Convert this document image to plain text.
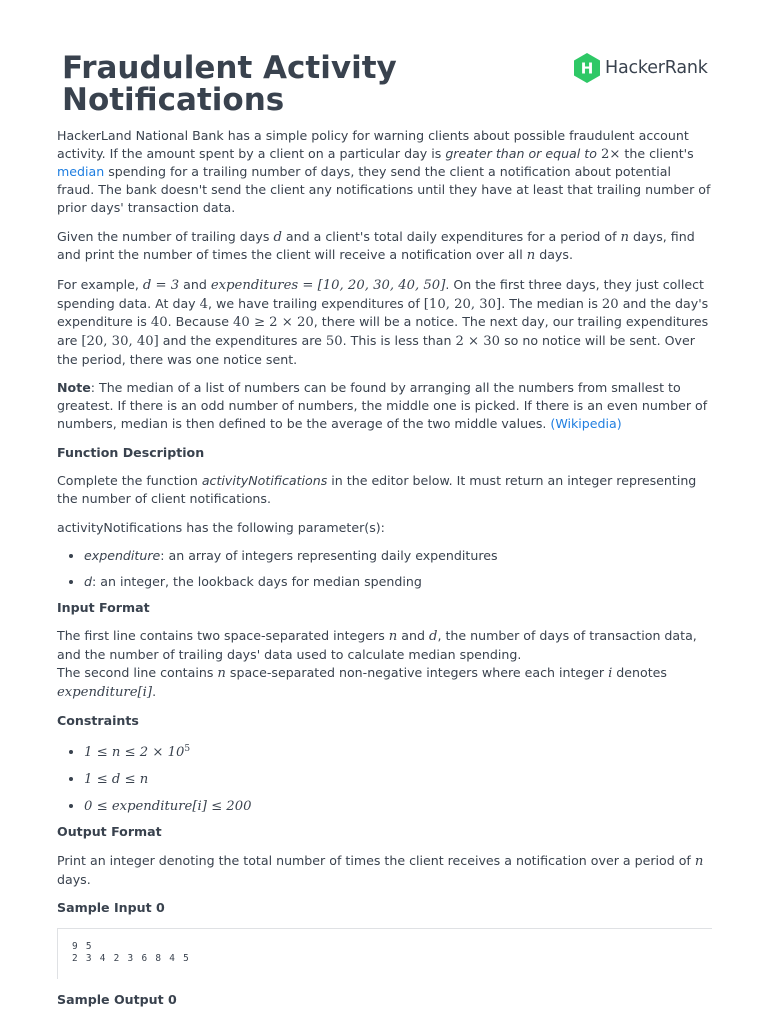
Fraudulent Activity Notifications
H HackerRank

HackerLand National Bank has a simple policy for warning clients about possible fraudulent account activity. If the amount spent by a client on a particular day is greater than or equal to 2× the client's median spending for a trailing number of days, they send the client a notification about potential fraud. The bank doesn't send the client any notifications until they have at least that trailing number of prior days' transaction data.

Given the number of trailing days d and a client's total daily expenditures for a period of n days, find and print the number of times the client will receive a notification over all n days.

For example, d = 3 and expenditures = [10, 20, 30, 40, 50]. On the first three days, they just collect spending data. At day 4, we have trailing expenditures of [10, 20, 30]. The median is 20 and the day's expenditure is 40. Because 40 ≥ 2 × 20, there will be a notice. The next day, our trailing expenditures are [20, 30, 40] and the expenditures are 50. This is less than 2 × 30 so no notice will be sent. Over the period, there was one notice sent.

Note: The median of a list of numbers can be found by arranging all the numbers from smallest to greatest. If there is an odd number of numbers, the middle one is picked. If there is an even number of numbers, median is then defined to be the average of the two middle values. (Wikipedia)

Function Description

Complete the function activityNotifications in the editor below. It must return an integer representing the number of client notifications.

activityNotifications has the following parameter(s):

• expenditure: an array of integers representing daily expenditures
• d: an integer, the lookback days for median spending
Input Format

The first line contains two space-separated integers n and d, the number of days of transaction data, and the number of trailing days' data used to calculate median spending.
The second line contains n space-separated non-negative integers where each integer i denotes
expenditure[i].

Constraints
• $1 \le n \le 2 \times 10^5$
• 1 ≤ d ≤ n
• 0 ≤ expenditure[i] ≤ 200
Output Format

Print an integer denoting the total number of times the client receives a notification over a period of n days.

Sample Input 0
9 5
2 3 4 2 3 6 8 4 5
Sample Output 0
